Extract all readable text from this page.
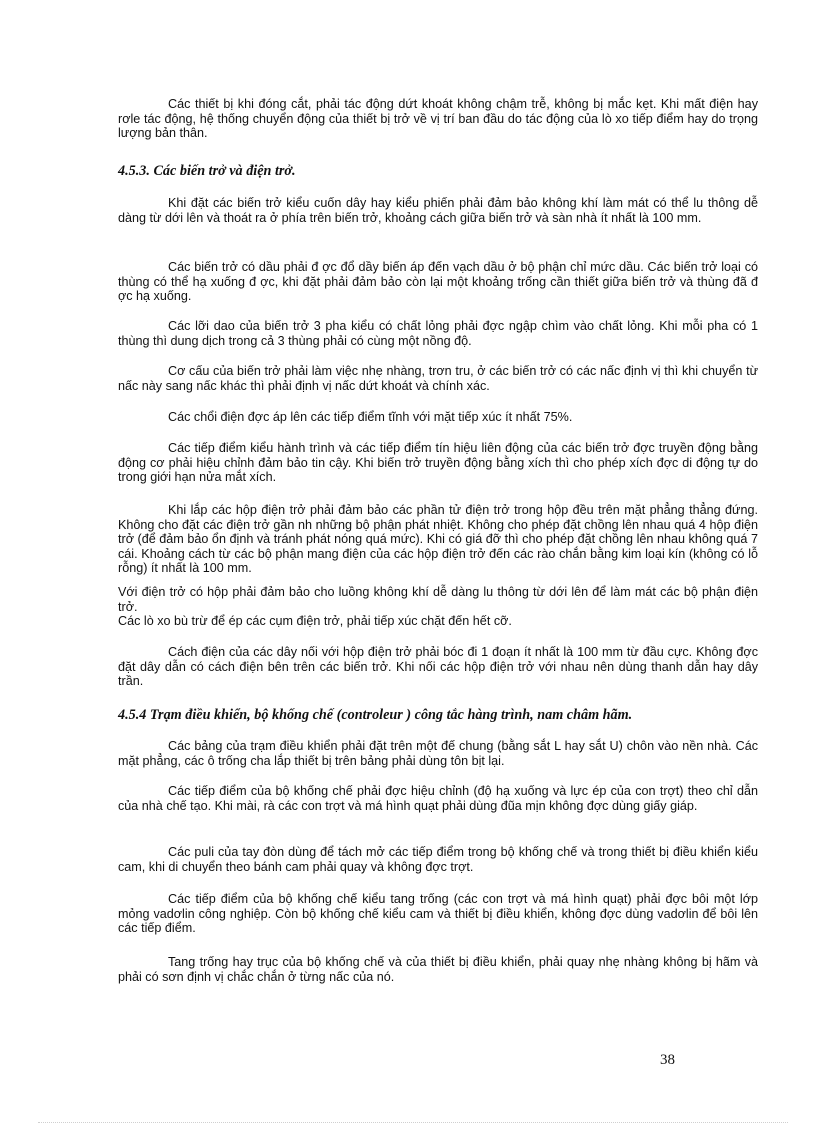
Các thiết bị khi đóng cắt, phải tác động dứt khoát không chậm trễ, không bị mắc kẹt. Khi mất điện hay rơle tác động, hệ thống chuyển động của thiết bị trở về vị trí ban đầu do tác động của lò xo tiếp điểm hay do trọng lượng bản thân.

4.5.3. Các biến trở và điện trở.

Khi đặt các biến trở kiểu cuốn dây hay kiểu phiến phải đảm bảo không khí làm mát có thể lu thông dễ dàng từ dới lên và thoát ra ở phía trên biến trở, khoảng cách giữa biến trở và sàn nhà ít nhất là 100 mm.

Các biến trở có dầu phải đ ợc đổ dầy biến áp đến vạch dầu ở bộ phận chỉ mức dầu. Các biến trở loại có thùng có thể hạ xuống đ ợc, khi đặt phải đảm bảo còn lại một khoảng trống cần thiết giữa biến trở và thùng đã đ ợc hạ xuống.

Các lỡi dao của biến trở 3 pha kiểu có chất lỏng phải đợc ngập chìm vào chất lỏng. Khi mỗi pha có 1 thùng thì dung dịch trong cả 3 thùng phải có cùng một nồng độ.

Cơ cấu của biến trở phải làm việc nhẹ nhàng, trơn tru, ở các biến trở có các nấc định vị thì khi chuyển từ nấc này sang nấc khác thì phải định vị nấc dứt khoát và chính xác.

Các chổi điện đợc áp lên các tiếp điểm tĩnh với mặt tiếp xúc ít nhất 75%.

Các tiếp điểm kiểu hành trình và các tiếp điểm tín hiệu liên động của các biến trở đợc truyền động bằng động cơ phải hiệu chỉnh đảm bảo tin cậy. Khi biến trở truyền động bằng xích thì cho phép xích đợc di động tự do trong giới hạn nửa mắt xích.

Khi lắp các hộp điện trở phải đảm bảo các phần tử điện trở trong hộp đều trên mặt phẳng thẳng đứng. Không cho đặt các điện trở gần nh những bộ phận phát nhiệt. Không cho phép đặt chồng lên nhau quá 4 hộp điện trở (để đảm bảo ổn định và tránh phát nóng quá mức). Khi có giá đỡ thì cho phép đặt chồng lên nhau không quá 7 cái. Khoảng cách từ các bộ phận mang điện của các hộp điện trở đến các rào chắn bằng kim loại kín (không có lỗ rỗng) ít nhất là 100 mm.

Với điện trở có hộp phải đảm bảo cho luồng không khí dễ dàng lu thông từ dới lên để làm mát các bộ phận điện trở.

Các lò xo bù trừ để ép các cụm điện trở, phải tiếp xúc chặt đến hết cỡ.

Cách điện của các dây nối với hộp điện trở phải bóc đi 1 đoạn ít nhất là 100 mm từ đầu cực. Không đợc đặt dây dẫn có cách điện bên trên các biến trở. Khi nối các hộp điện trở với nhau nên dùng thanh dẫn hay dây trần.

4.5.4 Trạm điều khiển, bộ khống chế (controleur ) công tắc hàng trình, nam châm hãm.

Các bảng của trạm điều khiển phải đặt trên một đế chung (bằng sắt L hay sắt U) chôn vào nền nhà. Các mặt phẳng, các ô trống cha lắp thiết bị trên bảng phải dùng tôn bịt lại.

Các tiếp điểm của bộ khống chế phải đợc hiệu chỉnh (độ hạ xuống và lực ép của con trợt) theo chỉ dẫn của nhà chế tạo. Khi mài, rà các con trợt và má hình quạt phải dùng đũa mịn không đợc dùng giấy giáp.

Các puli của tay đòn dùng để tách mở các tiếp điểm trong bộ khống chế và trong thiết bị điều khiển kiểu cam, khi di chuyển theo bánh cam phải quay và không đợc trợt.

Các tiếp điểm của bộ khống chế kiểu tang trống (các con trợt và má hình quạt) phải đợc bôi một lớp mỏng vadơlin công nghiệp. Còn bộ khống chế kiểu cam và thiết bị điều khiển, không đợc dùng vadơlin để bôi lên các tiếp điểm.

Tang trống hay trục của bộ khống chế và của thiết bị điều khiển, phải quay nhẹ nhàng không bị hãm và phải có sơn định vị chắc chắn ở từng nấc của nó.

38
